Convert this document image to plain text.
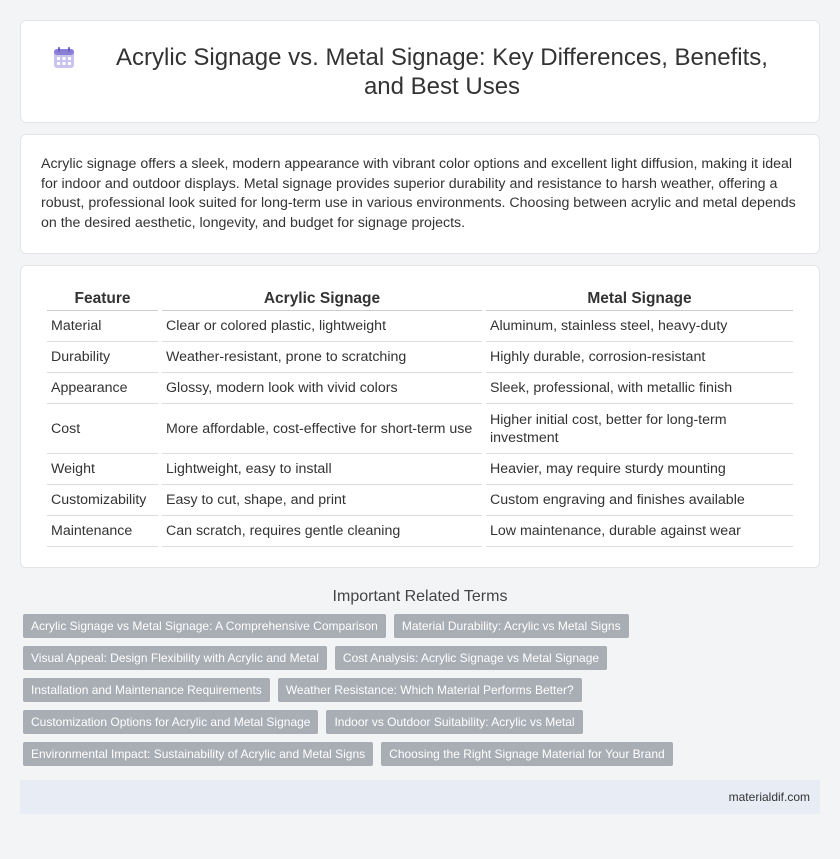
Acrylic Signage vs. Metal Signage: Key Differences, Benefits, and Best Uses

Acrylic signage offers a sleek, modern appearance with vibrant color options and excellent light diffusion, making it ideal for indoor and outdoor displays. Metal signage provides superior durability and resistance to harsh weather, offering a robust, professional look suited for long-term use in various environments. Choosing between acrylic and metal depends on the desired aesthetic, longevity, and budget for signage projects.

Feature	Acrylic Signage	Metal Signage
Material	Clear or colored plastic, lightweight	Aluminum, stainless steel, heavy-duty
Durability	Weather-resistant, prone to scratching	Highly durable, corrosion-resistant
Appearance	Glossy, modern look with vivid colors	Sleek, professional, with metallic finish
Cost	More affordable, cost-effective for short-term use	Higher initial cost, better for long-term investment
Weight	Lightweight, easy to install	Heavier, may require sturdy mounting
Customizability	Easy to cut, shape, and print	Custom engraving and finishes available
Maintenance	Can scratch, requires gentle cleaning	Low maintenance, durable against wear
Important Related Terms
Acrylic Signage vs Metal Signage: A Comprehensive Comparison	Material Durability: Acrylic vs Metal Signs
Visual Appeal: Design Flexibility with Acrylic and Metal	Cost Analysis: Acrylic Signage vs Metal Signage
Installation and Maintenance Requirements	Weather Resistance: Which Material Performs Better?
Customization Options for Acrylic and Metal Signage	Indoor vs Outdoor Suitability: Acrylic vs Metal
Environmental Impact: Sustainability of Acrylic and Metal Signs	Choosing the Right Signage Material for Your Brand
materialdif.com
